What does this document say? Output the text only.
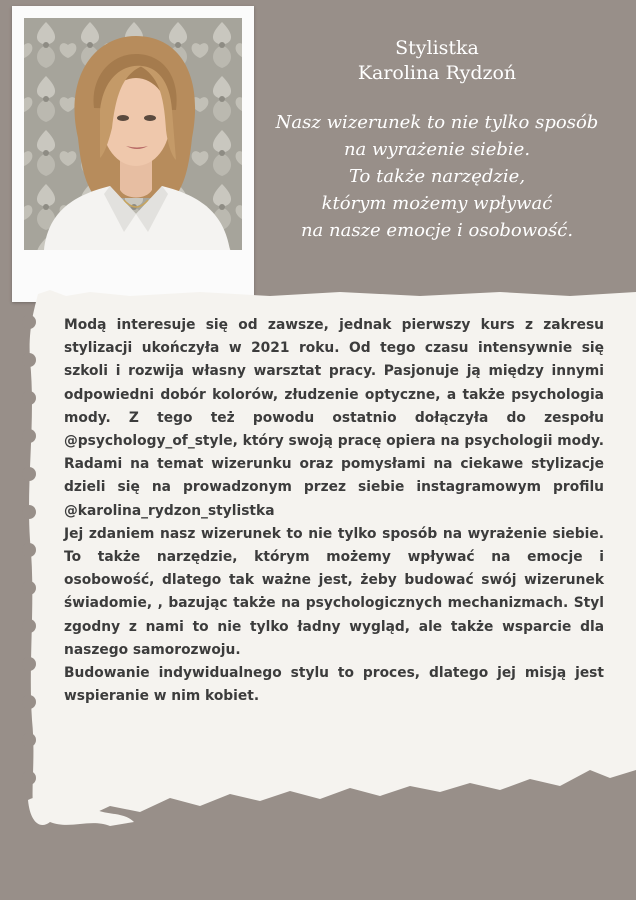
Stylistka
Karolina Rydzoń
Nasz wizerunek to nie tylko sposób
na wyrażenie siebie.
To także narzędzie,
którym możemy wpływać
na nasze emocje i osobowość.

Modą interesuje się od zawsze, jednak pierwszy kurs z zakresu stylizacji ukończyła w 2021 roku. Od tego czasu intensywnie się szkoli i rozwija własny warsztat pracy. Pasjonuje ją między innymi odpowiedni dobór kolorów, złudzenie optyczne, a także psychologia mody. Z tego też powodu ostatnio dołączyła do zespołu @psychology_of_style, który swoją pracę opiera na psychologii mody. Radami na temat wizerunku oraz pomysłami na ciekawe stylizacje dzieli się na prowadzonym przez siebie instagramowym profilu @karolina_rydzon_stylistka

Jej zdaniem nasz wizerunek to nie tylko sposób na wyrażenie siebie. To także narzędzie, którym możemy wpływać na emocje i osobowość, dlatego tak ważne jest, żeby budować swój wizerunek świadomie, , bazując także na psychologicznych mechanizmach. Styl zgodny z nami to nie tylko ładny wygląd, ale także wsparcie dla naszego samorozwoju.

Budowanie indywidualnego stylu to proces, dlatego jej misją jest wspieranie w nim kobiet.
